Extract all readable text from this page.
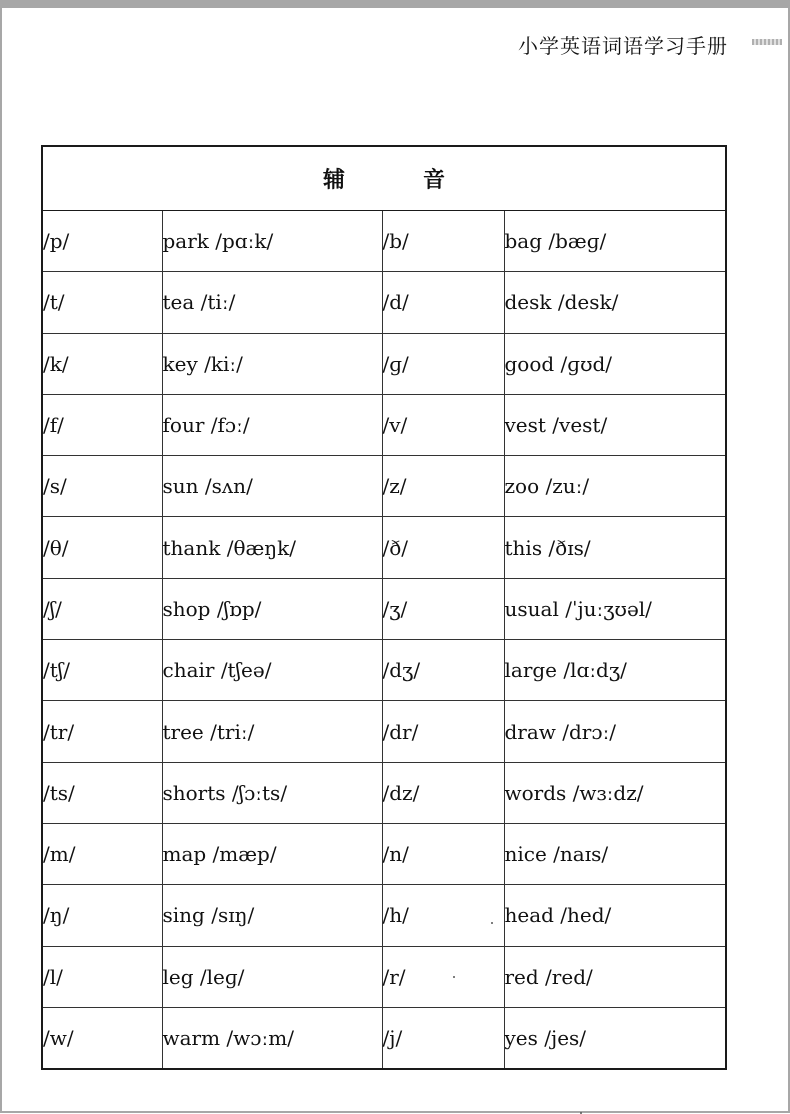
小学英语词语学习手册
辅　音			
/p/	park /pɑːk/	/b/	bag /bæɡ/
/t/	tea /tiː/	/d/	desk /desk/
/k/	key /kiː/	/ɡ/	good /ɡʊd/
/f/	four /fɔː/	/v/	vest /vest/
/s/	sun /sʌn/	/z/	zoo /zuː/
/θ/	thank /θæŋk/	/ð/	this /ðɪs/
/ʃ/	shop /ʃɒp/	/ʒ/	usual /ˈjuːʒʊəl/
/tʃ/	chair /tʃeə/	/dʒ/	large /lɑːdʒ/
/tr/	tree /triː/	/dr/	draw /drɔː/
/ts/	shorts /ʃɔːts/	/dz/	words /wɜːdz/
/m/	map /mæp/	/n/	nice /naɪs/
/ŋ/	sing /sɪŋ/	/h/	head /hed/
/l/	leg /leɡ/	/r/	red /red/
/w/	warm /wɔːm/	/j/	yes /jes/
